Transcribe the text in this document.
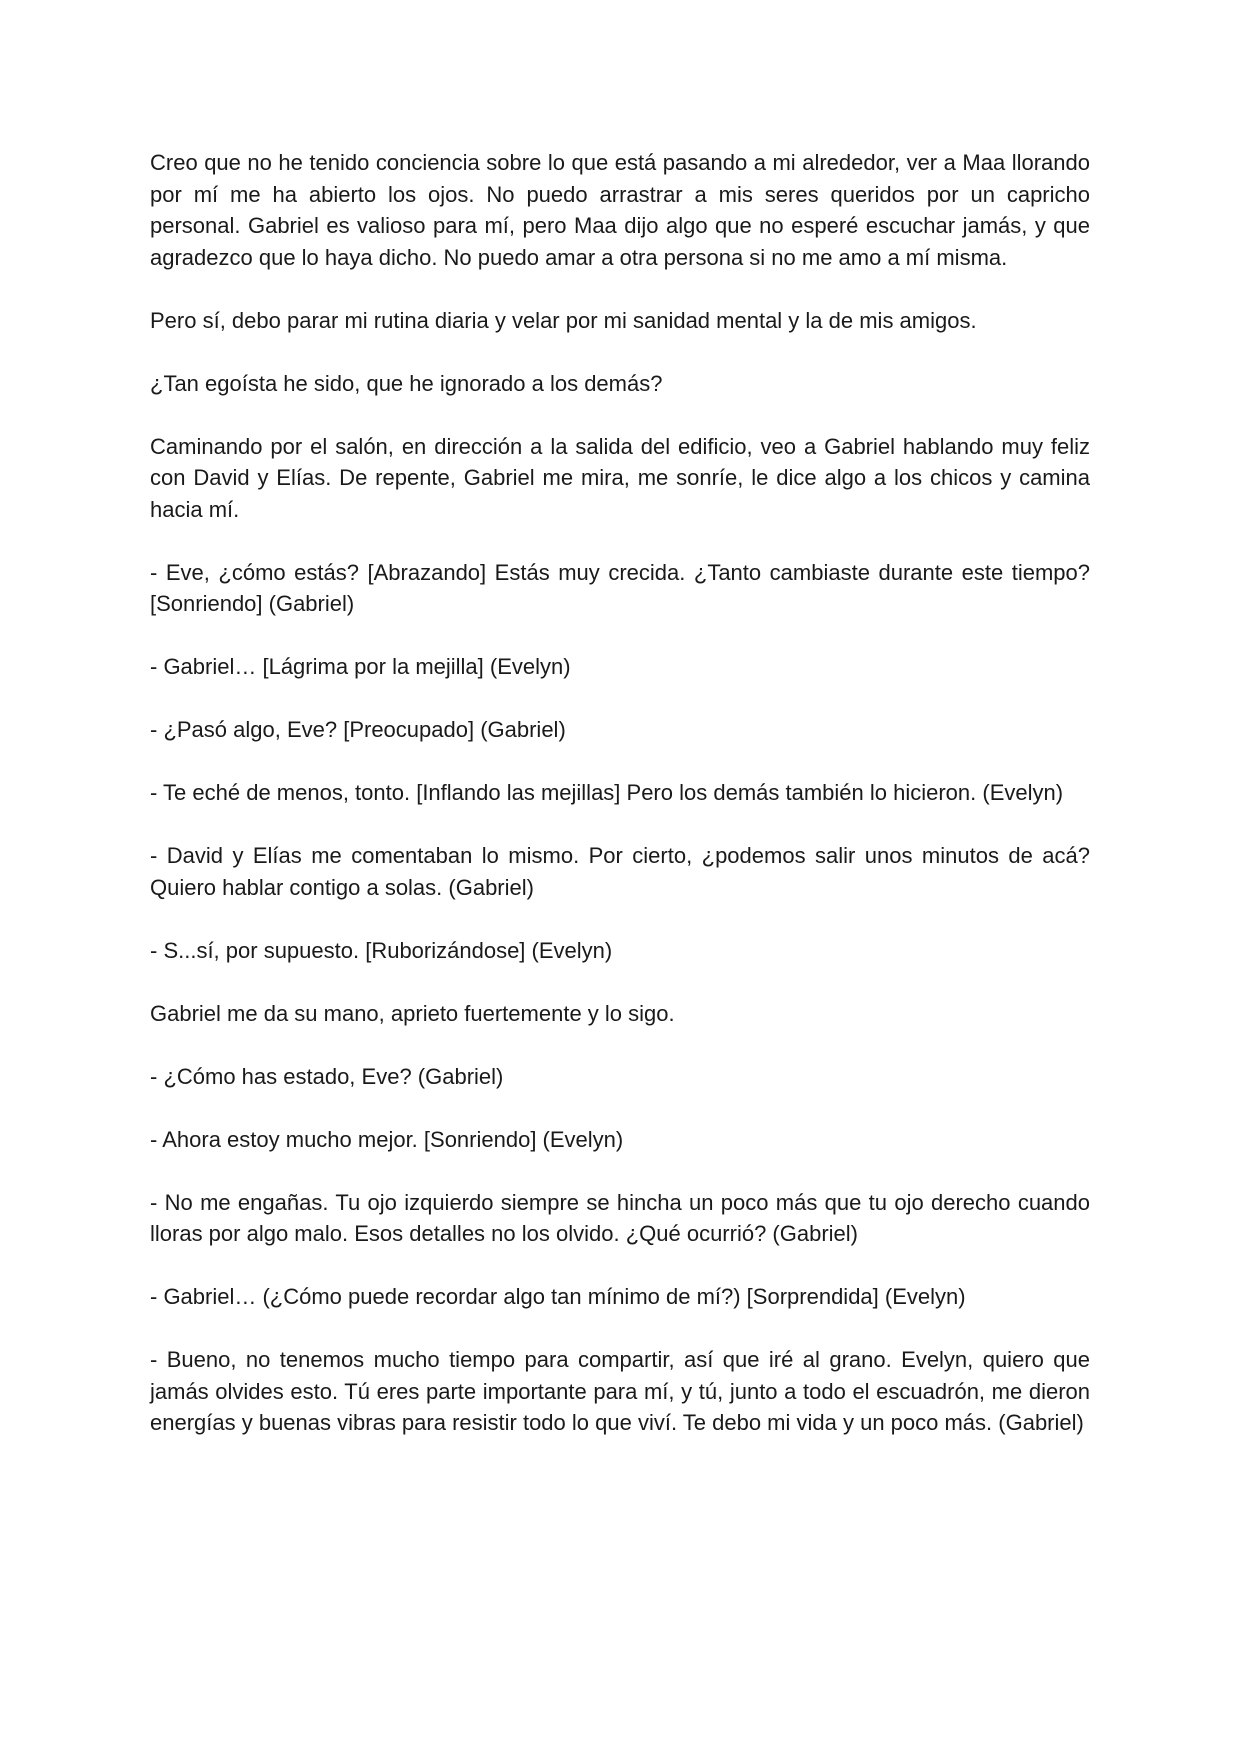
Creo que no he tenido conciencia sobre lo que está pasando a mi alrededor, ver a Maa llorando por mí me ha abierto los ojos. No puedo arrastrar a mis seres queridos por un capricho personal. Gabriel es valioso para mí, pero Maa dijo algo que no esperé escuchar jamás, y que agradezco que lo haya dicho. No puedo amar a otra persona si no me amo a mí misma.

Pero sí, debo parar mi rutina diaria y velar por mi sanidad mental y la de mis amigos.

¿Tan egoísta he sido, que he ignorado a los demás?

Caminando por el salón, en dirección a la salida del edificio, veo a Gabriel hablando muy feliz con David y Elías. De repente, Gabriel me mira, me sonríe, le dice algo a los chicos y camina hacia mí.

- Eve, ¿cómo estás? [Abrazando] Estás muy crecida. ¿Tanto cambiaste durante este tiempo? [Sonriendo] (Gabriel)

- Gabriel… [Lágrima por la mejilla] (Evelyn)

- ¿Pasó algo, Eve? [Preocupado] (Gabriel)

- Te eché de menos, tonto. [Inflando las mejillas] Pero los demás también lo hicieron. (Evelyn)

- David y Elías me comentaban lo mismo. Por cierto, ¿podemos salir unos minutos de acá? Quiero hablar contigo a solas. (Gabriel)

- S...sí, por supuesto. [Ruborizándose] (Evelyn)

Gabriel me da su mano, aprieto fuertemente y lo sigo.

- ¿Cómo has estado, Eve? (Gabriel)

- Ahora estoy mucho mejor. [Sonriendo] (Evelyn)

- No me engañas. Tu ojo izquierdo siempre se hincha un poco más que tu ojo derecho cuando lloras por algo malo. Esos detalles no los olvido. ¿Qué ocurrió? (Gabriel)

- Gabriel… (¿Cómo puede recordar algo tan mínimo de mí?) [Sorprendida] (Evelyn)

- Bueno, no tenemos mucho tiempo para compartir, así que iré al grano. Evelyn, quiero que jamás olvides esto. Tú eres parte importante para mí, y tú, junto a todo el escuadrón, me dieron energías y buenas vibras para resistir todo lo que viví. Te debo mi vida y un poco más. (Gabriel)
